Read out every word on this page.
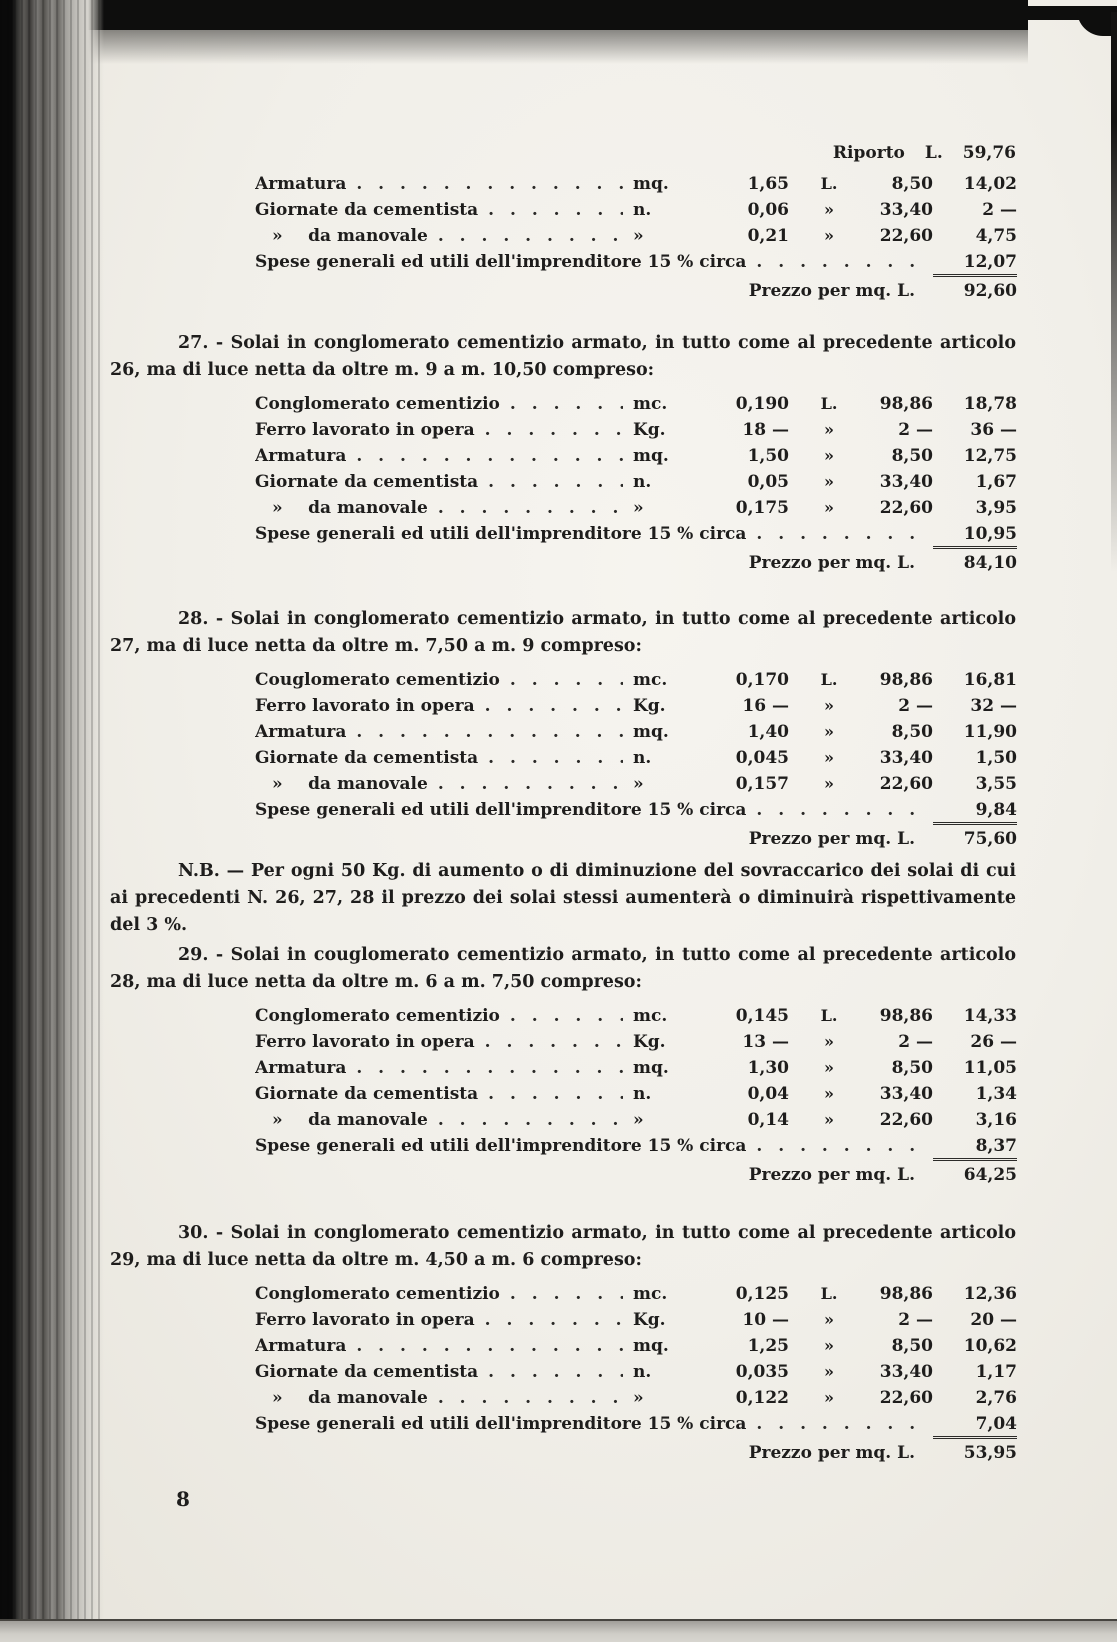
Riporto L. 59,76
Armatura . . .	mq.	1,65	L.	8,50	14,02
Giornate da cementista . . .	n.	0,06	»	33,40	2 —
 »  da manovale . . .	»	0,21	»	22,60	4,75
Spese generali ed utili dell'imprenditore 15 % circa . . .	12,07
Prezzo per mq. L.	92,60

27. - Solai in conglomerato cementizio armato, in tutto come al precedente articolo 26, ma di luce netta da oltre m. 9 a m. 10,50 compreso:

Conglomerato cementizio . . .	mc.	0,190	L.	98,86	18,78
Ferro lavorato in opera . . .	Kg.	18 —	»	2 —	36 —
Armatura . . .	mq.	1,50	»	8,50	12,75
Giornate da cementista . . .	n.	0,05	»	33,40	1,67
 »  da manovale . . .	»	0,175	»	22,60	3,95
Spese generali ed utili dell'imprenditore 15 % circa . . .	10,95
Prezzo per mq. L.	84,10

28. - Solai in conglomerato cementizio armato, in tutto come al precedente articolo 27, ma di luce netta da oltre m. 7,50 a m. 9 compreso:

Couglomerato cementizio . . .	mc.	0,170	L.	98,86	16,81
Ferro lavorato in opera . . .	Kg.	16 —	»	2 —	32 —
Armatura . . .	mq.	1,40	»	8,50	11,90
Giornate da cementista . . .	n.	0,045	»	33,40	1,50
 »  da manovale . . .	»	0,157	»	22,60	3,55
Spese generali ed utili dell'imprenditore 15 % circa . . .	9,84
Prezzo per mq. L.	75,60

29. - Solai in couglomerato cementizio armato, in tutto come al precedente articolo 28, ma di luce netta da oltre m. 6 a m. 7,50 compreso:

Conglomerato cementizio . . .	mc.	0,145	L.	98,86	14,33
Ferro lavorato in opera . . .	Kg.	13 —	»	2 —	26 —
Armatura . . .	mq.	1,30	»	8,50	11,05
Giornate da cementista . . .	n.	0,04	»	33,40	1,34
 »  da manovale . . .	»	0,14	»	22,60	3,16
Spese generali ed utili dell'imprenditore 15 % circa . . .	8,37
Prezzo per mq. L.	64,25

30. - Solai in conglomerato cementizio armato, in tutto come al precedente articolo 29, ma di luce netta da oltre m. 4,50 a m. 6 compreso:

Conglomerato cementizio . . .	mc.	0,125	L.	98,86	12,36
Ferro lavorato in opera . . .	Kg.	10 —	»	2 —	20 —
Armatura . . .	mq.	1,25	»	8,50	10,62
Giornate da cementista . . .	n.	0,035	»	33,40	1,17
 »  da manovale . . .	»	0,122	»	22,60	2,76
Spese generali ed utili dell'imprenditore 15 % circa . . .	7,04
Prezzo per mq. L.	53,95

N.B. — Per ogni 50 Kg. di aumento o di diminuzione del sovraccarico dei solai di cui ai precedenti N. 26, 27, 28 il prezzo dei solai stessi aumenterà o diminuirà rispettivamente del 3 %.

8
